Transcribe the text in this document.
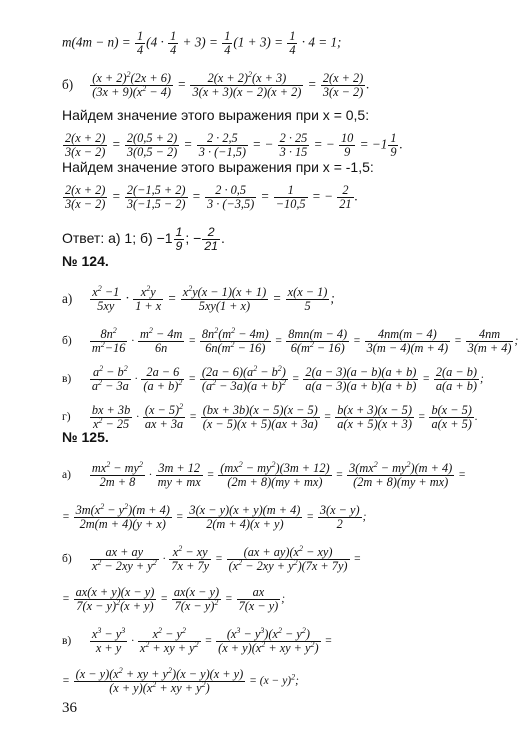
$m(4m - n) = \frac{1}{4} (4 \cdot \frac{1}{4} + 3) = \frac{1}{4} (1 + 3) = \frac{1}{4} \cdot 4 = 1$;
$б) \frac{(x + 2)^2(2x + 6)}{(3x + 9)(x^2 - 4)} = \frac{2(x + 2)^2(x + 3)}{3(x + 3)(x - 2)(x + 2)} = \frac{2(x + 2)}{3(x - 2)}$ .
Найдем значение этого выражения при x = 0,5:
$\frac{2(x + 2)}{3(x - 2)} = \frac{2(0,5 + 2)}{3(0,5 - 2)} = \frac{2 \cdot 2,5}{3 \cdot (-1,5)}$ = − $\frac{2 \cdot 25}{3 \cdot 15}$ = − $\frac{10}{9} = -1 \frac{1}{9}$ .
Найдем значение этого выражения при x = -1,5:
$\frac{2(x + 2)}{3(x - 2)} = \frac{2(-1,5 + 2)}{3(-1,5 - 2)} = \frac{2 \cdot 0,5}{3 \cdot (-3,5)} = \frac{1}{-10,5}$ = − $\frac{2}{21}$ .
Ответ: а) 1; $б) -1 \frac{1}{9}$ ; − $\frac{2}{21}$ .
№ 124.
$а) \frac{x^2 -1}{5xy} \cdot \frac{x^2y}{1 + x} = \frac{x^2y(x - 1)(x + 1)}{5xy(1 + x)} = \frac{x(x - 1)}{5}$ ;
$б) \frac{8n^2}{m^2-16} \cdot \frac{m^2 - 4m}{6n} = \frac{8n^2(m^2 - 4m)}{6n(m^2 - 16)} = \frac{8mn(m - 4)}{6(m^2 - 16)} = \frac{4nm(m - 4)}{3(m - 4)(m + 4)} = \frac{4nm}{3(m + 4)}$ ;
$в) \frac{a^2 - b^2}{a^2 - 3a} \cdot \frac{2a - 6}{(a + b)^2} = \frac{(2a - 6)(a^2 - b^2)}{(a^2 - 3a)(a + b)^2} = \frac{2(a - 3)(a - b)(a + b)}{a(a - 3)(a + b)(a + b)} = \frac{2(a - b)}{a(a + b)}$ ;
$г) \frac{bx + 3b}{x^2 - 25} \cdot \frac{(x - 5)^2}{ax + 3a} = \frac{(bx + 3b)(x - 5)(x - 5)}{(x - 5)(x + 5)(ax + 3a)} = \frac{b(x + 3)(x - 5)}{a(x + 5)(x + 3)} = \frac{b(x - 5)}{a(x + 5)}$ .
№ 125.
$а) \frac{mx^2 - my^2}{2m + 8} \cdot \frac{3m + 12}{my + mx} = \frac{(mx^2 - my^2)(3m + 12)}{(2m + 8)(my + mx)} = \frac{3(mx^2 - my^2)(m + 4)}{(2m + 8)(my + mx)}$ =
= $\frac{3m(x^2 - y^2)(m + 4)}{2m(m + 4)(y + x)} = \frac{3(x - y)(x + y)(m + 4)}{2(m + 4)(x + y)} = \frac{3(x - y)}{2}$ ;
$б) \frac{ax + ay}{x^2 - 2xy + y^2} \cdot \frac{x^2 - xy}{7x + 7y} = \frac{(ax + ay)(x^2 - xy)}{(x^2 - 2xy + y^2)(7x + 7y)}$ =
= $\frac{ax(x + y)(x - y)}{7(x - y)^2(x + y)} = \frac{ax(x - y)}{7(x - y)^2} = \frac{ax}{7(x - y)}$ ;
$в) \frac{x^3 - y^3}{x + y} \cdot \frac{x^2 - y^2}{x^2 + xy + y^2} = \frac{(x^3 - y^3)(x^2 - y^2)}{(x + y)(x^2 + xy + y^2)}$ =
= $\frac{(x - y)(x^2 + xy + y^2)(x - y)(x + y)}{(x + y)(x^2 + xy + y^2)} = (x - y)^2$;
36
